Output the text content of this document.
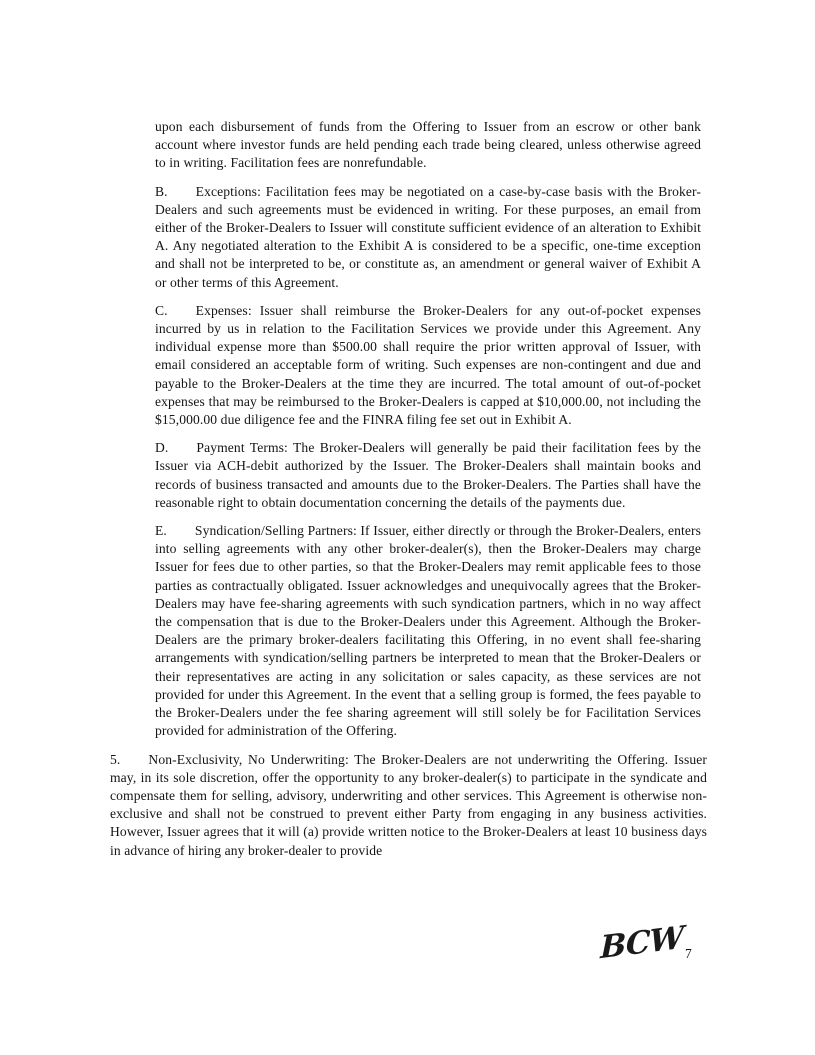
upon each disbursement of funds from the Offering to Issuer from an escrow or other bank account where investor funds are held pending each trade being cleared, unless otherwise agreed to in writing. Facilitation fees are nonrefundable.

B. Exceptions: Facilitation fees may be negotiated on a case-by-case basis with the Broker-Dealers and such agreements must be evidenced in writing. For these purposes, an email from either of the Broker-Dealers to Issuer will constitute sufficient evidence of an alteration to Exhibit A. Any negotiated alteration to the Exhibit A is considered to be a specific, one-time exception and shall not be interpreted to be, or constitute as, an amendment or general waiver of Exhibit A or other terms of this Agreement.

C. Expenses: Issuer shall reimburse the Broker-Dealers for any out-of-pocket expenses incurred by us in relation to the Facilitation Services we provide under this Agreement. Any individual expense more than $500.00 shall require the prior written approval of Issuer, with email considered an acceptable form of writing. Such expenses are non-contingent and due and payable to the Broker-Dealers at the time they are incurred. The total amount of out-of-pocket expenses that may be reimbursed to the Broker-Dealers is capped at $10,000.00, not including the $15,000.00 due diligence fee and the FINRA filing fee set out in Exhibit A.

D. Payment Terms: The Broker-Dealers will generally be paid their facilitation fees by the Issuer via ACH-debit authorized by the Issuer. The Broker-Dealers shall maintain books and records of business transacted and amounts due to the Broker-Dealers. The Parties shall have the reasonable right to obtain documentation concerning the details of the payments due.

E. Syndication/Selling Partners: If Issuer, either directly or through the Broker-Dealers, enters into selling agreements with any other broker-dealer(s), then the Broker-Dealers may charge Issuer for fees due to other parties, so that the Broker-Dealers may remit applicable fees to those parties as contractually obligated. Issuer acknowledges and unequivocally agrees that the Broker-Dealers may have fee-sharing agreements with such syndication partners, which in no way affect the compensation that is due to the Broker-Dealers under this Agreement. Although the Broker-Dealers are the primary broker-dealers facilitating this Offering, in no event shall fee-sharing arrangements with syndication/selling partners be interpreted to mean that the Broker-Dealers or their representatives are acting in any solicitation or sales capacity, as these services are not provided for under this Agreement. In the event that a selling group is formed, the fees payable to the Broker-Dealers under the fee sharing agreement will still solely be for Facilitation Services provided for administration of the Offering.

5. Non-Exclusivity, No Underwriting: The Broker-Dealers are not underwriting the Offering. Issuer may, in its sole discretion, offer the opportunity to any broker-dealer(s) to participate in the syndicate and compensate them for selling, advisory, underwriting and other services. This Agreement is otherwise non-exclusive and shall not be construed to prevent either Party from engaging in any business activities. However, Issuer agrees that it will (a) provide written notice to the Broker-Dealers at least 10 business days in advance of hiring any broker-dealer to provide

BCW 7
